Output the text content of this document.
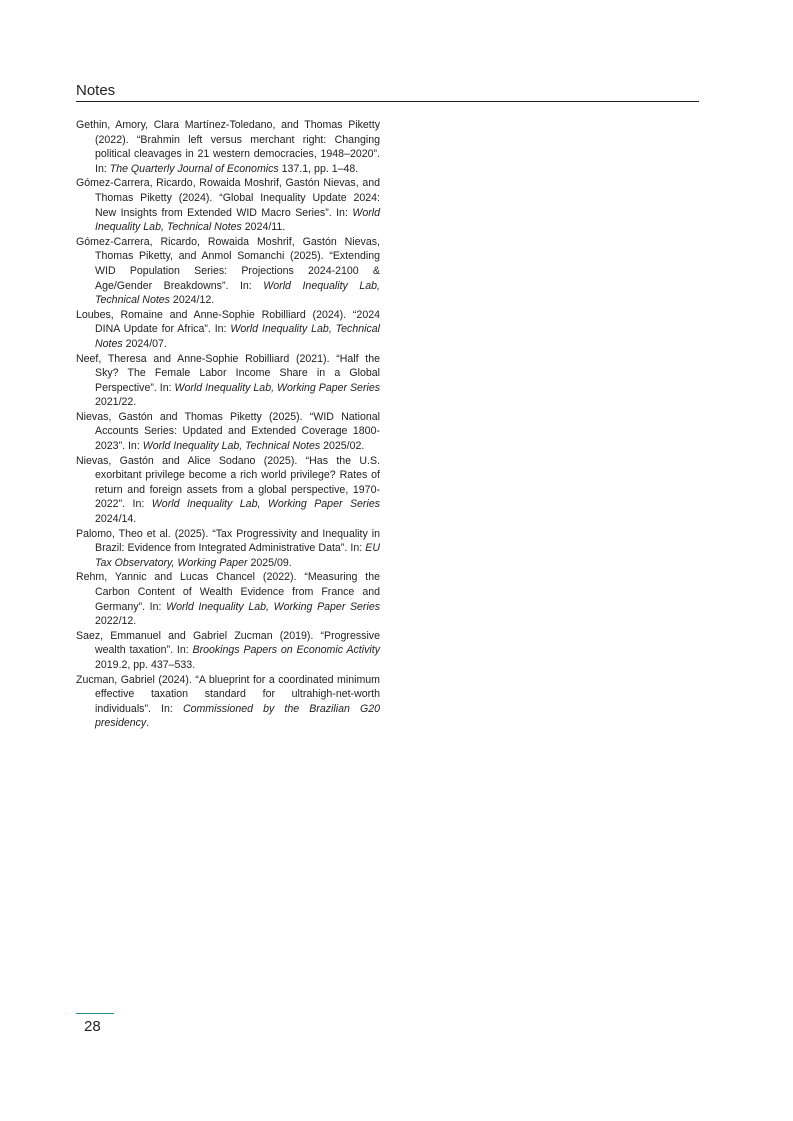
Notes
Gethin, Amory, Clara Martínez-Toledano, and Thomas Piketty (2022). “Brahmin left versus merchant right: Changing political cleavages in 21 western democracies, 1948–2020”. In: The Quarterly Journal of Economics 137.1, pp. 1–48.
Gómez-Carrera, Ricardo, Rowaida Moshrif, Gastón Nievas, and Thomas Piketty (2024). “Global Inequality Update 2024: New Insights from Extended WID Macro Series”. In: World Inequality Lab, Technical Notes 2024/11.
Gómez-Carrera, Ricardo, Rowaida Moshrif, Gastón Nievas, Thomas Piketty, and Anmol Somanchi (2025). “Extending WID Population Series: Projections 2024-2100 & Age/Gender Breakdowns”. In: World Inequality Lab, Technical Notes 2024/12.
Loubes, Romaine and Anne-Sophie Robilliard (2024). “2024 DINA Update for Africa”. In: World Inequality Lab, Technical Notes 2024/07.
Neef, Theresa and Anne-Sophie Robilliard (2021). “Half the Sky? The Female Labor Income Share in a Global Perspective”. In: World Inequality Lab, Working Paper Series 2021/22.
Nievas, Gastón and Thomas Piketty (2025). “WID National Accounts Series: Updated and Extended Coverage 1800-2023”. In: World Inequality Lab, Technical Notes 2025/02.
Nievas, Gastón and Alice Sodano (2025). “Has the U.S. exorbitant privilege become a rich world privilege? Rates of return and foreign assets from a global perspective, 1970-2022”. In: World Inequality Lab, Working Paper Series 2024/14.
Palomo, Theo et al. (2025). “Tax Progressivity and Inequality in Brazil: Evidence from Integrated Administrative Data”. In: EU Tax Observatory, Working Paper 2025/09.
Rehm, Yannic and Lucas Chancel (2022). “Measuring the Carbon Content of Wealth Evidence from France and Germany”. In: World Inequality Lab, Working Paper Series 2022/12.
Saez, Emmanuel and Gabriel Zucman (2019). “Progressive wealth taxation”. In: Brookings Papers on Economic Activity 2019.2, pp. 437–533.
Zucman, Gabriel (2024). “A blueprint for a coordinated minimum effective taxation standard for ultrahigh-net-worth individuals”. In: Commissioned by the Brazilian G20 presidency.
28
